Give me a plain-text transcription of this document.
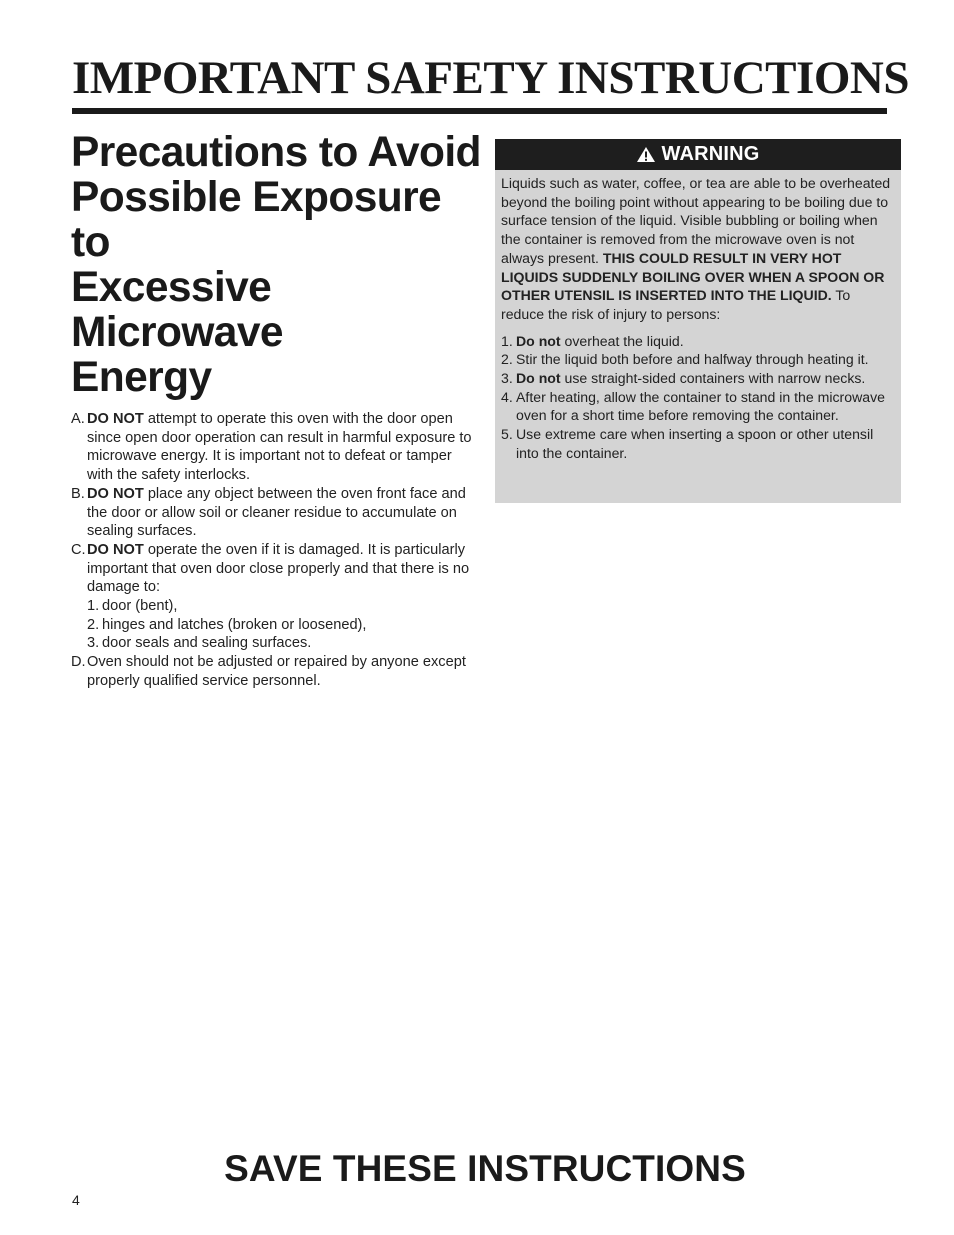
IMPORTANT SAFETY INSTRUCTIONS
Precautions to Avoid
Possible Exposure to
Excessive Microwave
Energy
A. DO NOT attempt to operate this oven with the door open since open door operation can result in harmful exposure to microwave energy. It is important not to defeat or tamper with the safety interlocks.
B. DO NOT place any object between the oven front face and the door or allow soil or cleaner residue to accumulate on sealing surfaces.
C. DO NOT operate the oven if it is damaged. It is particularly important that oven door close properly and that there is no damage to:
1. door (bent),
2. hinges and latches (broken or loosened),
3. door seals and sealing surfaces.
D. Oven should not be adjusted or repaired by anyone except properly qualified service personnel.
WARNING

Liquids such as water, coffee, or tea are able to be overheated beyond the boiling point without appearing to be boiling due to surface tension of the liquid. Visible bubbling or boiling when the container is removed from the microwave oven is not always present. THIS COULD RESULT IN VERY HOT LIQUIDS SUDDENLY BOILING OVER WHEN A SPOON OR OTHER UTENSIL IS INSERTED INTO THE LIQUID. To reduce the risk of injury to persons:

1. Do not overheat the liquid.
2. Stir the liquid both before and halfway through heating it.
3. Do not use straight-sided containers with narrow necks.
4. After heating, allow the container to stand in the microwave oven for a short time before removing the container.
5. Use extreme care when inserting a spoon or other utensil into the container.
SAVE THESE INSTRUCTIONS
4
